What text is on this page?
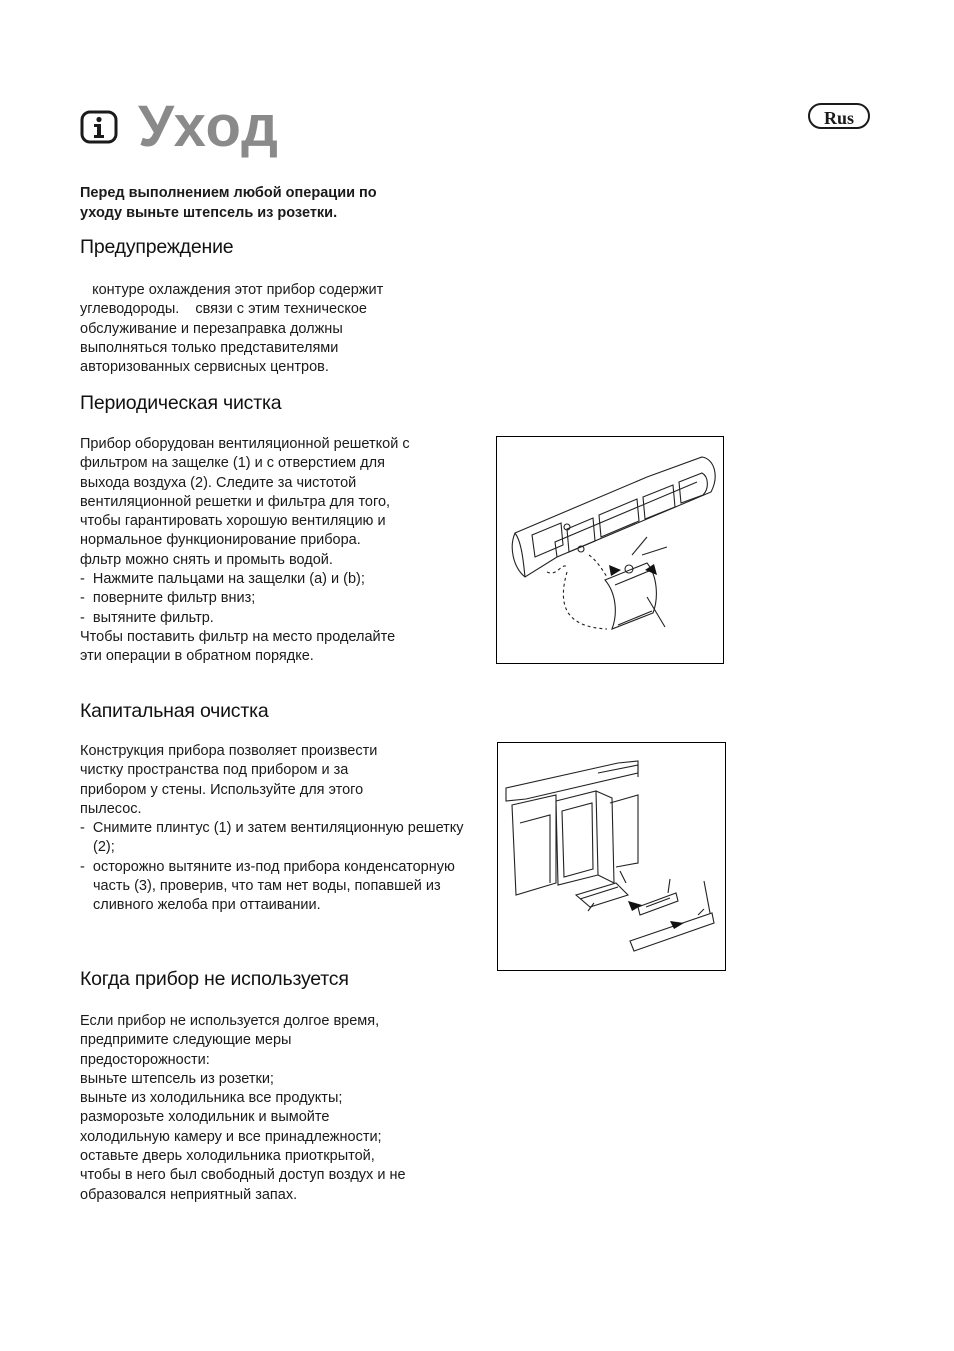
Уход	Rus
Перед выполнением любой операции по
уходу выньте штепсель из розетки.
Предупреждение
контуре охлаждения этот прибор содержит
углеводороды.    связи с этим техническое
обслуживание и перезаправка должны
выполняться только представителями
авторизованных сервисных центров.
Периодическая чистка
Прибор оборудован вентиляционной решеткой с
фильтром на защелке (1) и с отверстием для
выхода воздуха (2). Следите за чистотой
вентиляционной решетки и фильтра для того,
чтобы гарантировать хорошую вентиляцию и
нормальное функционирование прибора.
фльтр можно снять и промыть водой.
-  Нажмите пальцами на защелки (а) и (b);
-  поверните фильтр вниз;
-  вытяните фильтр.
Чтобы поставить фильтр на место проделайте
эти операции в обратном порядке.
Капитальная очистка
Конструкция прибора позволяет произвести
чистку пространства под прибором и за
прибором у стены. Используйте для этого
пылесос.
-  Снимите плинтус (1) и затем вентиляционную решетку (2);
-  осторожно вытяните из-под прибора конденсаторную часть (3), проверив, что там нет воды, попавшей из сливного желоба при оттаивании.
Когда прибор не используется
Если прибор не используется долгое время,
предпримите следующие меры
предосторожности:
выньте штепсель из розетки;
выньте из холодильника все продукты;
разморозьте холодильник и вымойте
холодильную камеру и все принадлежности;
оставьте дверь холодильника приоткрытой,
чтобы в него был свободный доступ воздух и не
образовался неприятный запах.
